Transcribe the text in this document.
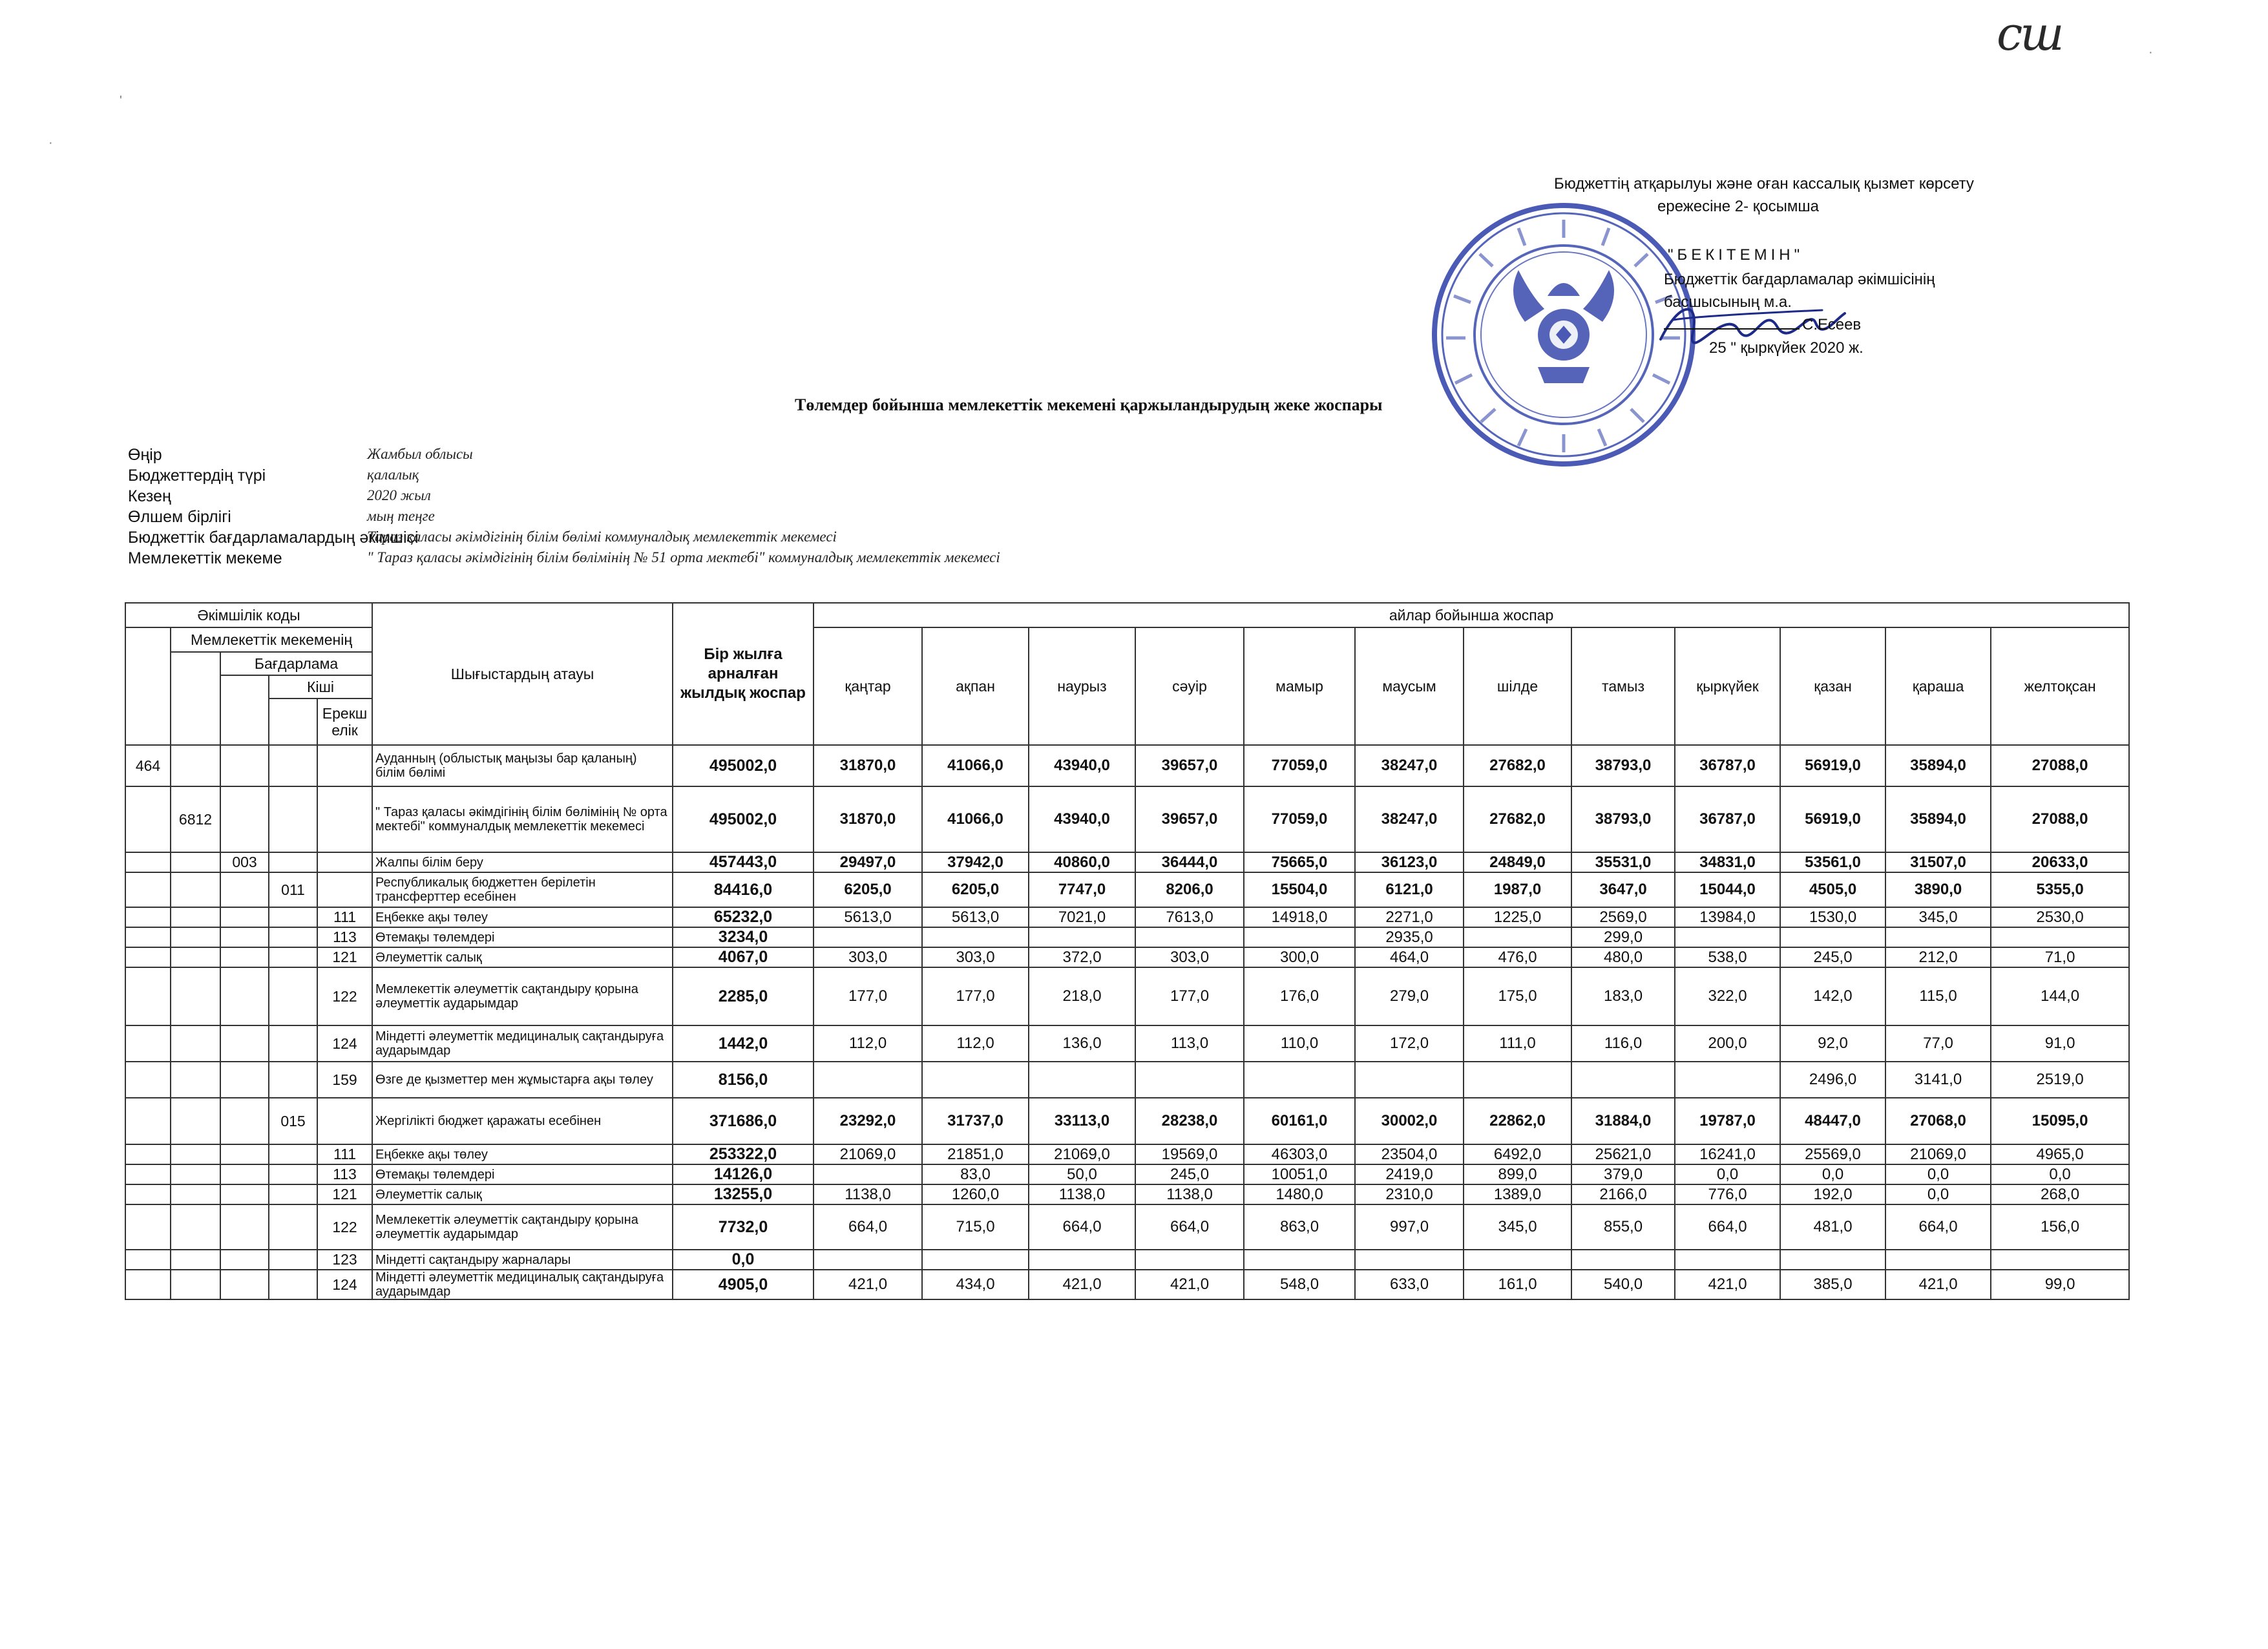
сш
'
·
·
Бюджеттің атқарылуы және оған кассалық қызмет көрсету
ережесіне 2- қосымша
"БЕКІТЕМІН"
Бюджеттік бағдарламалар әкімшісінің
басшысының м.а.
С.Есеев
25 " қыркүйек 2020 ж.
Төлемдер бойынша мемлекеттік мекемені қаржыландырудың жеке жоспары
Өңір	Жамбыл облысы
Бюджеттердің түрі	қалалық
Кезең	2020 жыл
Өлшем бірлігі	мың теңге
Бюджеттік бағдарламалардың әкімшісі
Тараз қаласы әкімдігінің білім бөлімі коммуналдық мемлекеттік мекемесі
Мемлекеттік мекеме	" Тараз қаласы әкімдігінің білім бөлімінің № 51 орта мектебі" коммуналдық мемлекеттік мекемесі
Әкімшілік коды					Шығыстардың атауы	Бір жылға арналған жылдық жоспар	айлар бойынша жоспар											
	Мемлекеттік мекеменің						қаңтар	ақпан	наурыз	сәуір	мамыр	маусым	шілде	тамыз	қыркүйек	қазан	қараша	желтоқсан
		Бағдарлама																
			Кіші															
				Ерекш елік														
464					Ауданның (облыстық маңызы бар қаланың) білім бөлімі	495002,0	31870,0	41066,0	43940,0	39657,0	77059,0	38247,0	27682,0	38793,0	36787,0	56919,0	35894,0	27088,0
	6812				" Тараз қаласы әкімдігінің білім бөлімінің № орта мектебі" коммуналдық мемлекеттік мекемесі	495002,0	31870,0	41066,0	43940,0	39657,0	77059,0	38247,0	27682,0	38793,0	36787,0	56919,0	35894,0	27088,0
		003			Жалпы білім беру	457443,0	29497,0	37942,0	40860,0	36444,0	75665,0	36123,0	24849,0	35531,0	34831,0	53561,0	31507,0	20633,0
			011		Республикалық бюджеттен берілетін трансферттер есебінен	84416,0	6205,0	6205,0	7747,0	8206,0	15504,0	6121,0	1987,0	3647,0	15044,0	4505,0	3890,0	5355,0
				111	Еңбекке ақы төлеу	65232,0	5613,0	5613,0	7021,0	7613,0	14918,0	2271,0	1225,0	2569,0	13984,0	1530,0	345,0	2530,0
				113	Өтемақы төлемдері	3234,0						2935,0		299,0				
				121	Әлеуметтік салық	4067,0	303,0	303,0	372,0	303,0	300,0	464,0	476,0	480,0	538,0	245,0	212,0	71,0
				122	Мемлекеттік әлеуметтік сақтандыру қорына әлеуметтік аударымдар	2285,0	177,0	177,0	218,0	177,0	176,0	279,0	175,0	183,0	322,0	142,0	115,0	144,0
				124	Міндетті әлеуметтік медициналық сақтандыруға аударымдар	1442,0	112,0	112,0	136,0	113,0	110,0	172,0	111,0	116,0	200,0	92,0	77,0	91,0
				159	Өзге де қызметтер мен жұмыстарға ақы төлеу	8156,0										2496,0	3141,0	2519,0
			015		Жергілікті бюджет қаражаты есебінен	371686,0	23292,0	31737,0	33113,0	28238,0	60161,0	30002,0	22862,0	31884,0	19787,0	48447,0	27068,0	15095,0
				111	Еңбекке ақы төлеу	253322,0	21069,0	21851,0	21069,0	19569,0	46303,0	23504,0	6492,0	25621,0	16241,0	25569,0	21069,0	4965,0
				113	Өтемақы төлемдері	14126,0		83,0	50,0	245,0	10051,0	2419,0	899,0	379,0	0,0	0,0	0,0	0,0
				121	Әлеуметтік салық	13255,0	1138,0	1260,0	1138,0	1138,0	1480,0	2310,0	1389,0	2166,0	776,0	192,0	0,0	268,0
				122	Мемлекеттік әлеуметтік сақтандыру қорына әлеуметтік аударымдар	7732,0	664,0	715,0	664,0	664,0	863,0	997,0	345,0	855,0	664,0	481,0	664,0	156,0
				123	Міндетті сақтандыру жарналары	0,0												
				124	Міндетті әлеуметтік медициналық сақтандыруға аударымдар	4905,0	421,0	434,0	421,0	421,0	548,0	633,0	161,0	540,0	421,0	385,0	421,0	99,0
